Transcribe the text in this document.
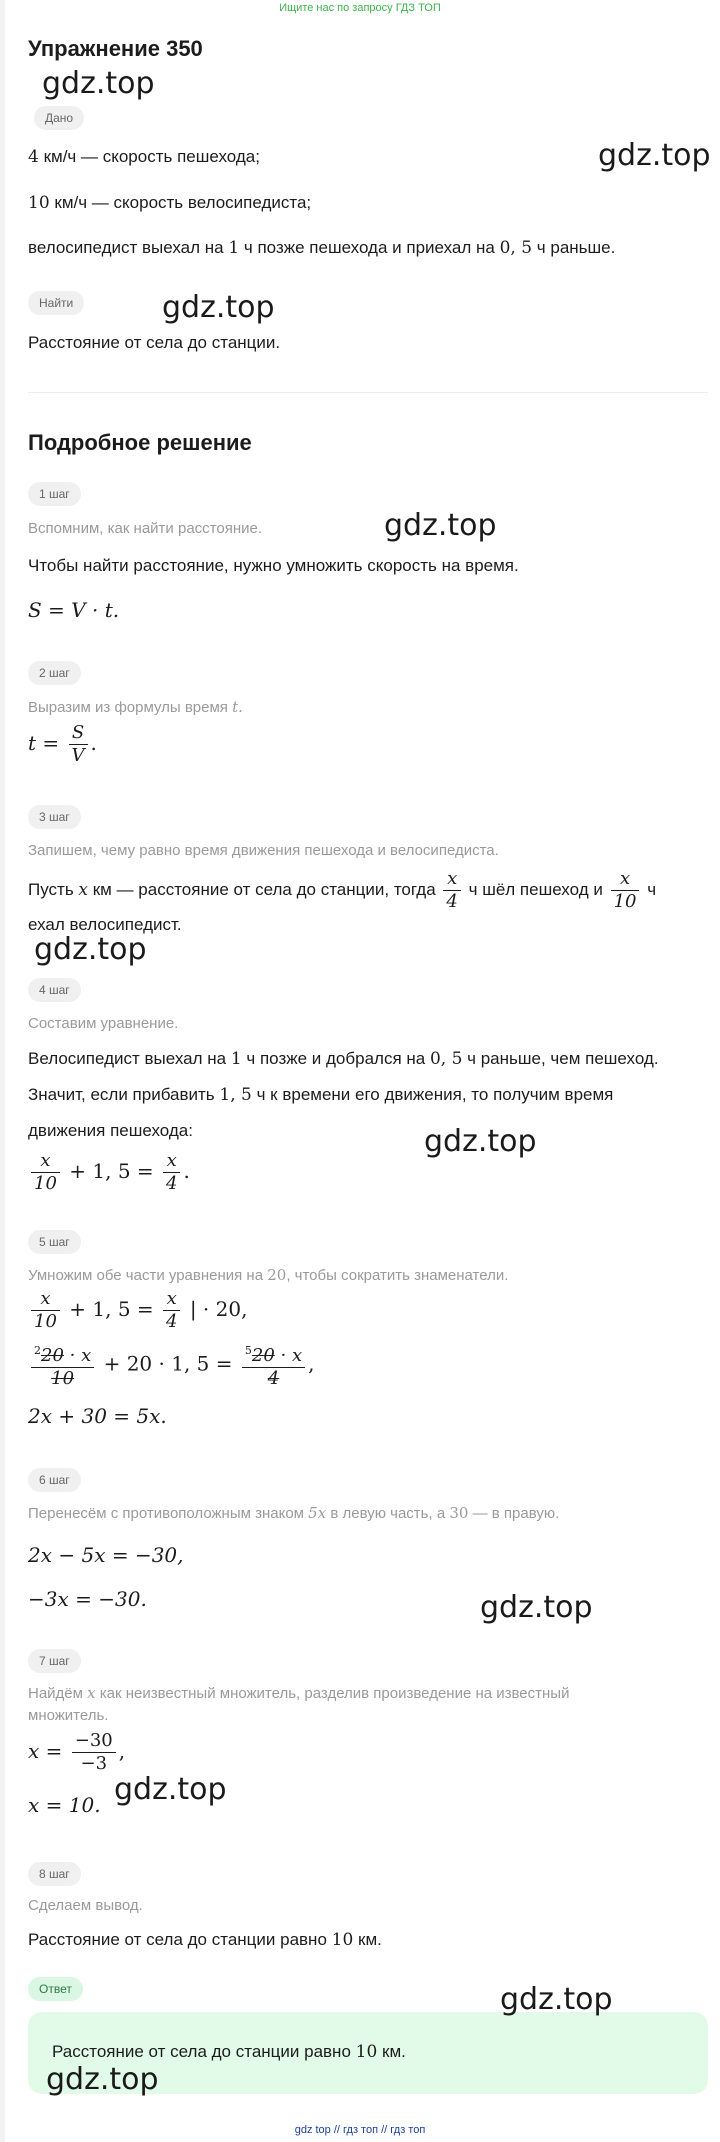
Ищите нас по запросу ГДЗ ТОП
Упражнение 350
Дано
4 км/ч — скорость пешехода;
10 км/ч — скорость велосипедиста;
велосипедист выехал на 1 ч позже пешехода и приехал на 0, 5 ч раньше.
Найти
Расстояние от села до станции.
Подробное решение
1 шаг
Вспомним, как найти расстояние.
Чтобы найти расстояние, нужно умножить скорость на время.
S = V · t.
2 шаг
Выразим из формулы время t.
$t = \frac{S}{V}$ .
3 шаг
Запишем, чему равно время движения пешехода и велосипедиста.
Пусть x км — расстояние от села до станции, тогда $\frac{x}{4}$ ч шёл пешеход и $\frac{x}{10}$ ч
ехал велосипедист.
4 шаг
Составим уравнение.
Велосипедист выехал на 1 ч позже и добрался на 0, 5 ч раньше, чем пешеход.
Значит, если прибавить 1, 5 ч к времени его движения, то получим время
движения пешехода:
$\frac{x}{10} + 1$, $5 = \frac{x}{4}$ .
5 шаг
Умножим обе части уравнения на 20, чтобы сократить знаменатели.
$\frac{x}{10} + 1$, $5 = \frac{x}{4}$ | · 20,
$\frac{^220 \cdot x}{10} + 20 \cdot 1$, $5 = \frac{^520 \cdot x}{4}$ ,
2x + 30 = 5x.
6 шаг
Перенесём с противоположным знаком 5x в левую часть, а 30 — в правую.
2x − 5x = −30,
−3x = −30.
7 шаг
Найдём x как неизвестный множитель, разделив произведение на известный
множитель.
$x = \frac{-30}{-3}$ ,
x = 10.
8 шаг
Сделаем вывод.
Расстояние от села до станции равно 10 км.
Ответ
Расстояние от села до станции равно 10 км.
gdz.top
gdz.top
gdz.top
gdz.top
gdz.top
gdz.top
gdz.top
gdz.top
gdz.top
gdz.top
gdz top // гдз топ // гдз топ
